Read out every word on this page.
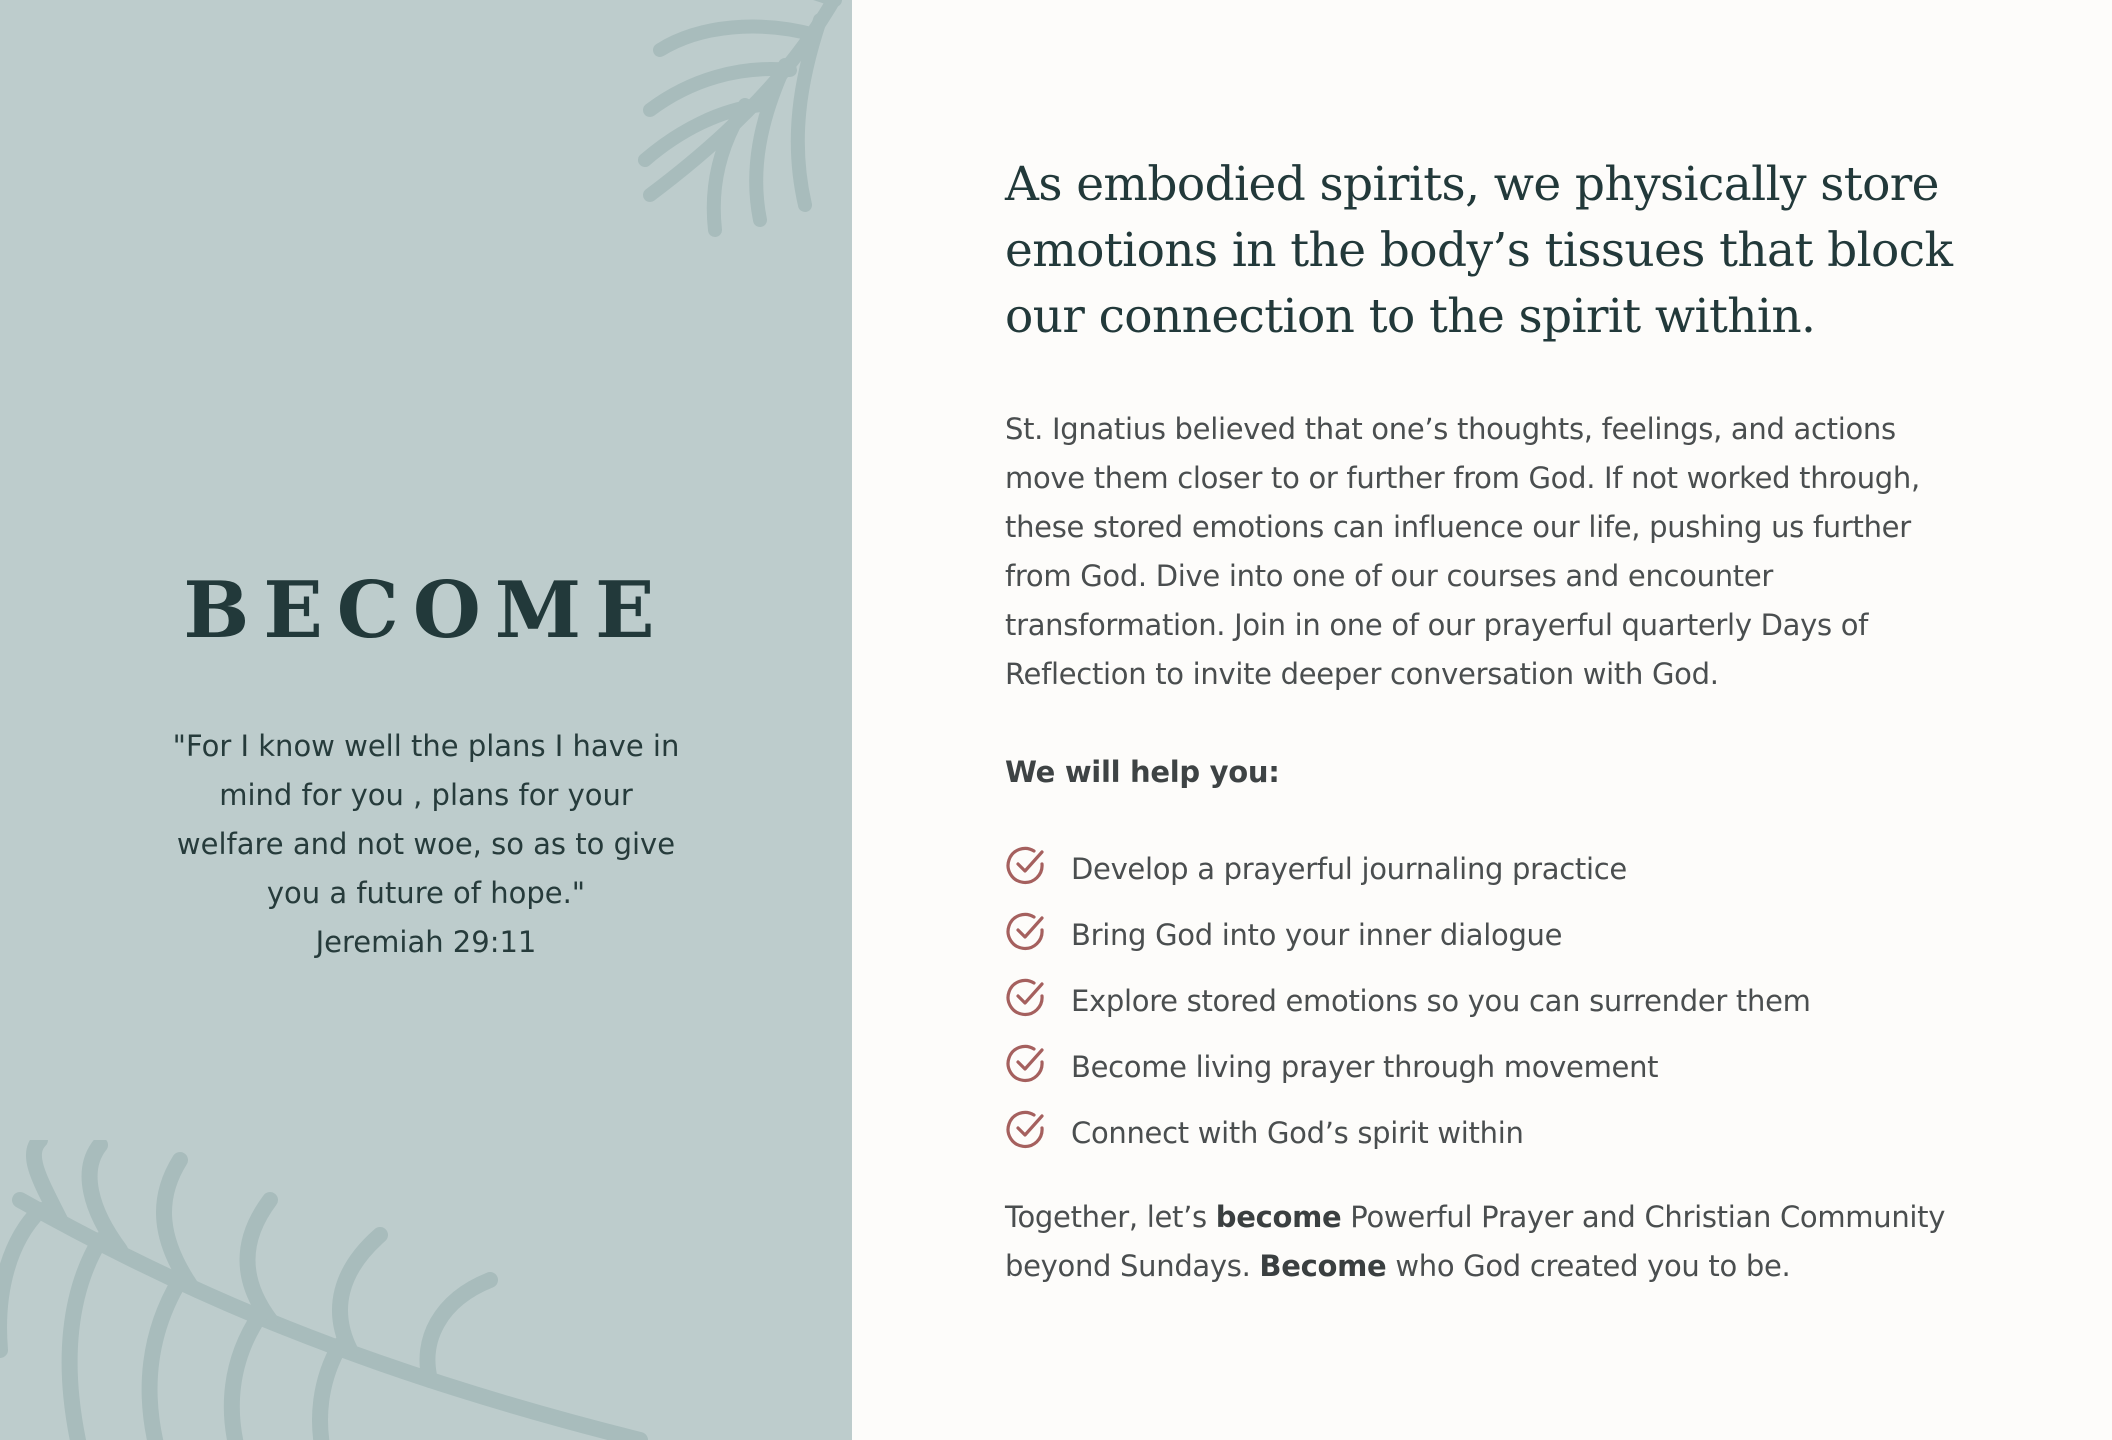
BECOME

"For I know well the plans I have in mind for you , plans for your welfare and not woe, so as to give you a future of hope."

Jeremiah 29:11
As embodied spirits, we physically store emotions in the body’s tissues that block our connection to the spirit within.

St. Ignatius believed that one’s thoughts, feelings, and actions move them closer to or further from God. If not worked through, these stored emotions can influence our life, pushing us further from God. Dive into one of our courses and encounter transformation. Join in one of our prayerful quarterly Days of Reflection to invite deeper conversation with God.

We will help you:

Develop a prayerful journaling practice
Bring God into your inner dialogue
Explore stored emotions so you can surrender them
Become living prayer through movement
Connect with God’s spirit within

Together, let’s become Powerful Prayer and Christian Community beyond Sundays. Become who God created you to be.
